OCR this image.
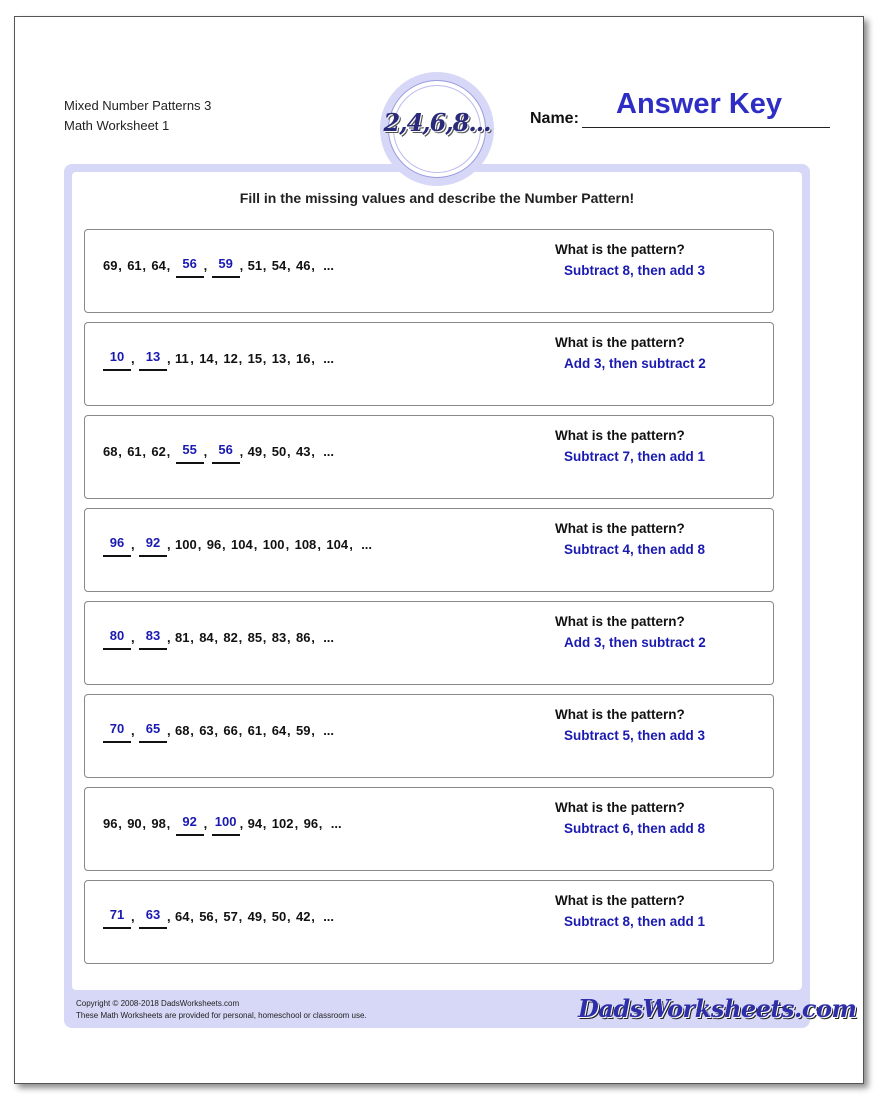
Mixed Number Patterns 3
Math Worksheet 1	Name: Answer Key
2,4,6,8...
Fill in the missing values and describe the Number Pattern!
69 , 61 , 64 , 56 , 59 , 51 , 54 , 46 , ...
What is the pattern?
Subtract 8, then add 3
10 , 13 , 11 , 14 , 12 , 15 , 13 , 16 , ...
What is the pattern?
Add 3, then subtract 2
68 , 61 , 62 , 55 , 56 , 49 , 50 , 43 , ...
What is the pattern?
Subtract 7, then add 1
96 , 92 , 100 , 96 , 104 , 100 , 108 , 104 , ...
What is the pattern?
Subtract 4, then add 8
80 , 83 , 81 , 84 , 82 , 85 , 83 , 86 , ...
What is the pattern?
Add 3, then subtract 2
70 , 65 , 68 , 63 , 66 , 61 , 64 , 59 , ...
What is the pattern?
Subtract 5, then add 3
96 , 90 , 98 , 92 , 100 , 94 , 102 , 96 , ...
What is the pattern?
Subtract 6, then add 8
71 , 63 , 64 , 56 , 57 , 49 , 50 , 42 , ...
What is the pattern?
Subtract 8, then add 1
Copyright © 2008-2018 DadsWorksheets.com
These Math Worksheets are provided for personal, homeschool or classroom use.	DadsWorksheets.com
